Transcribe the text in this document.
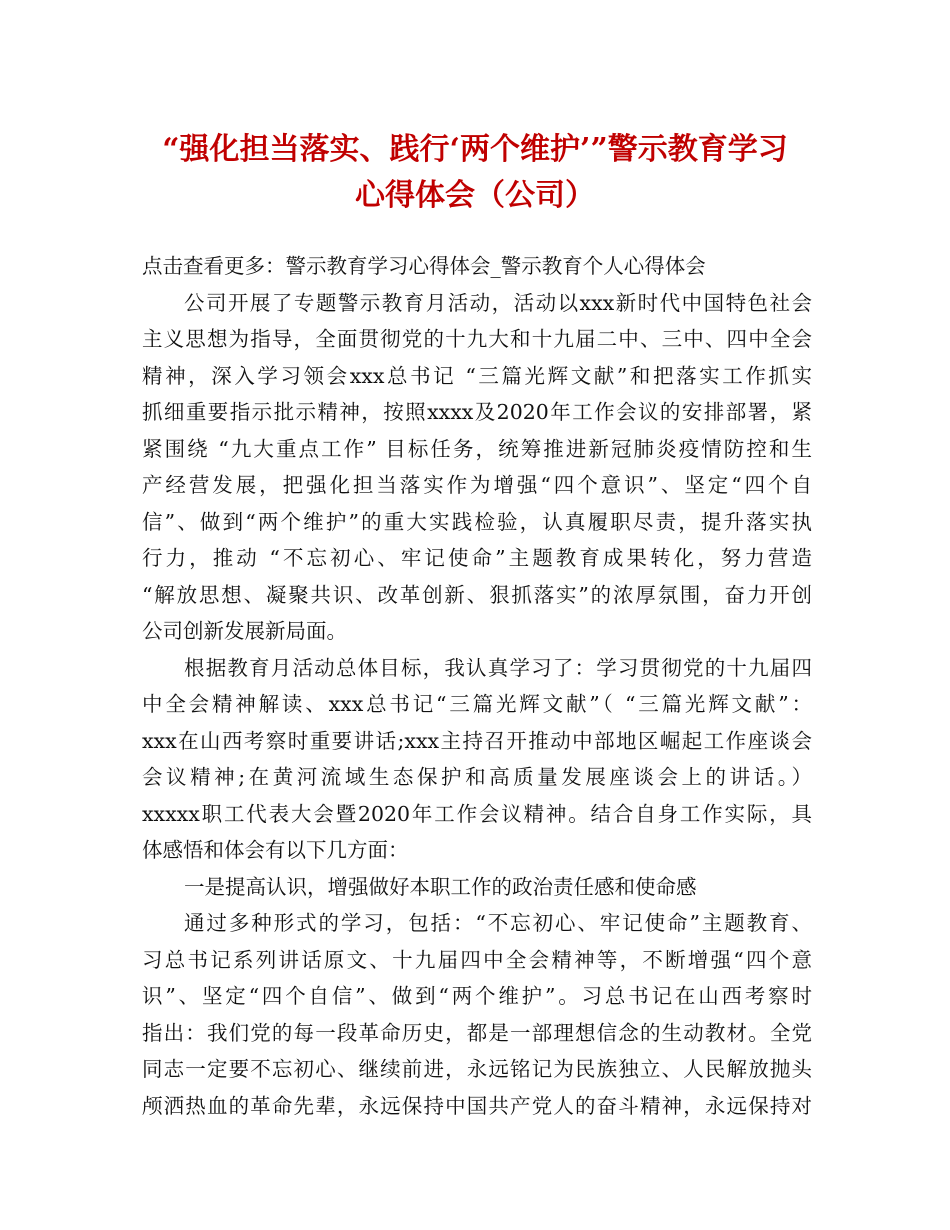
“强化担当落实、践行‘两个维护’”警示教育学习
心得体会（公司）
点击查看更多：警示教育学习心得体会_警示教育个人心得体会
公司开展了专题警示教育月活动，活动以xxx新时代中国特色社会
主义思想为指导，全面贯彻党的十九大和十九届二中、三中、四中全会
精神，深入学习领会xxx总书记 “三篇光辉文献”和把落实工作抓实
抓细重要指示批示精神，按照xxxx及2020年工作会议的安排部署，紧
紧围绕 “九大重点工作” 目标任务，统筹推进新冠肺炎疫情防控和生
产经营发展，把强化担当落实作为增强“四个意识”、坚定“四个自
信”、做到“两个维护”的重大实践检验，认真履职尽责，提升落实执
行力，推动 “不忘初心、牢记使命”主题教育成果转化，努力营造
“解放思想、凝聚共识、改革创新、狠抓落实”的浓厚氛围，奋力开创
公司创新发展新局面。
根据教育月活动总体目标，我认真学习了：学习贯彻党的十九届四
中全会精神解读、xxx总书记“三篇光辉文献”（ “三篇光辉文献”：
xxx在山西考察时重要讲话;xxx主持召开推动中部地区崛起工作座谈会
会议精神;在黄河流域生态保护和高质量发展座谈会上的讲话。）
xxxxx职工代表大会暨2020年工作会议精神。结合自身工作实际，具
体感悟和体会有以下几方面：
一是提高认识，增强做好本职工作的政治责任感和使命感
通过多种形式的学习，包括：“不忘初心、牢记使命”主题教育、
习总书记系列讲话原文、十九届四中全会精神等，不断增强“四个意
识”、坚定“四个自信”、做到“两个维护”。习总书记在山西考察时
指出：我们党的每一段革命历史，都是一部理想信念的生动教材。全党
同志一定要不忘初心、继续前进，永远铭记为民族独立、人民解放抛头
颅洒热血的革命先辈，永远保持中国共产党人的奋斗精神，永远保持对
